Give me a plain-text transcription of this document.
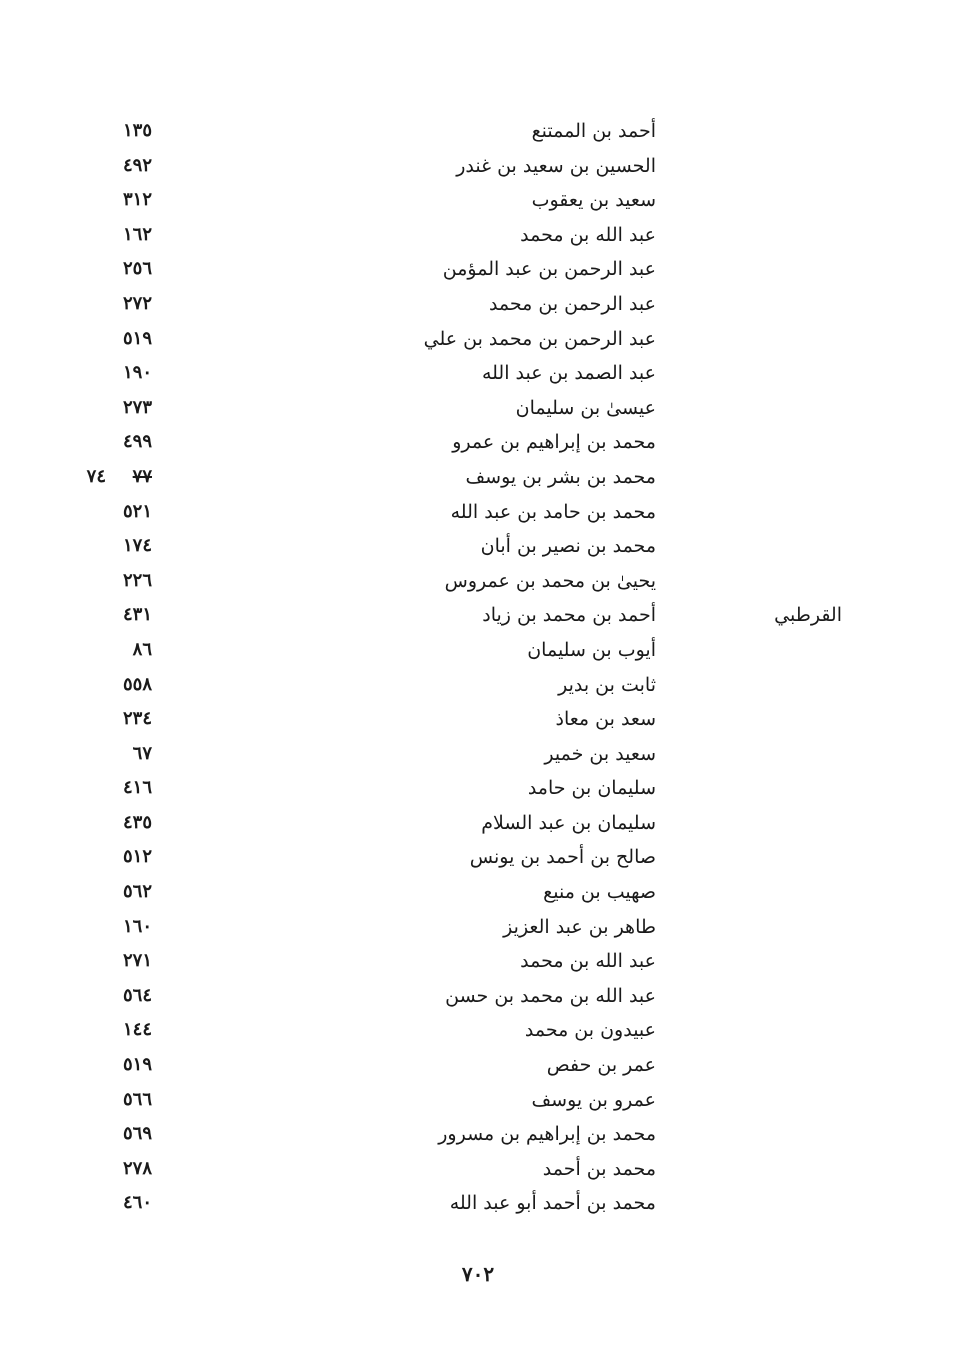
أحمد بن الممتنع
١٣٥
الحسين بن سعيد بن غندر
٤٩٢
سعيد بن يعقوب
٣١٢
عبد الله بن محمد
١٦٢
عبد الرحمن بن عبد المؤمن
٢٥٦
عبد الرحمن بن محمد
٢٧٢
عبد الرحمن بن محمد بن علي
٥١٩
عبد الصمد بن عبد الله
١٩٠
عيسىٰ بن سليمان
٢٧٣
محمد بن إبراهيم بن عمرو
٤٩٩
محمد بن بشر بن يوسف
٧٧
٧٤
محمد بن حامد بن عبد الله
٥٢١
محمد بن نصير بن أبان
١٧٤
يحيىٰ بن محمد بن عمروس
٢٢٦
القرطبي
أحمد بن محمد بن زياد
٤٣١
أيوب بن سليمان
٨٦
ثابت بن بدير
٥٥٨
سعد بن معاذ
٢٣٤
سعيد بن خمير
٦٧
سليمان بن حامد
٤١٦
سليمان بن عبد السلام
٤٣٥
صالح بن أحمد بن يونس
٥١٢
صهيب بن منيع
٥٦٢
طاهر بن عبد العزيز
١٦٠
عبد الله بن محمد
٢٧١
عبد الله بن محمد بن حسن
٥٦٤
عبيدون بن محمد
١٤٤
عمر بن حفص
٥١٩
عمرو بن يوسف
٥٦٦
محمد بن إبراهيم بن مسرور
٥٦٩
محمد بن أحمد
٢٧٨
محمد بن أحمد أبو عبد الله
٤٦٠
٧٠٢
